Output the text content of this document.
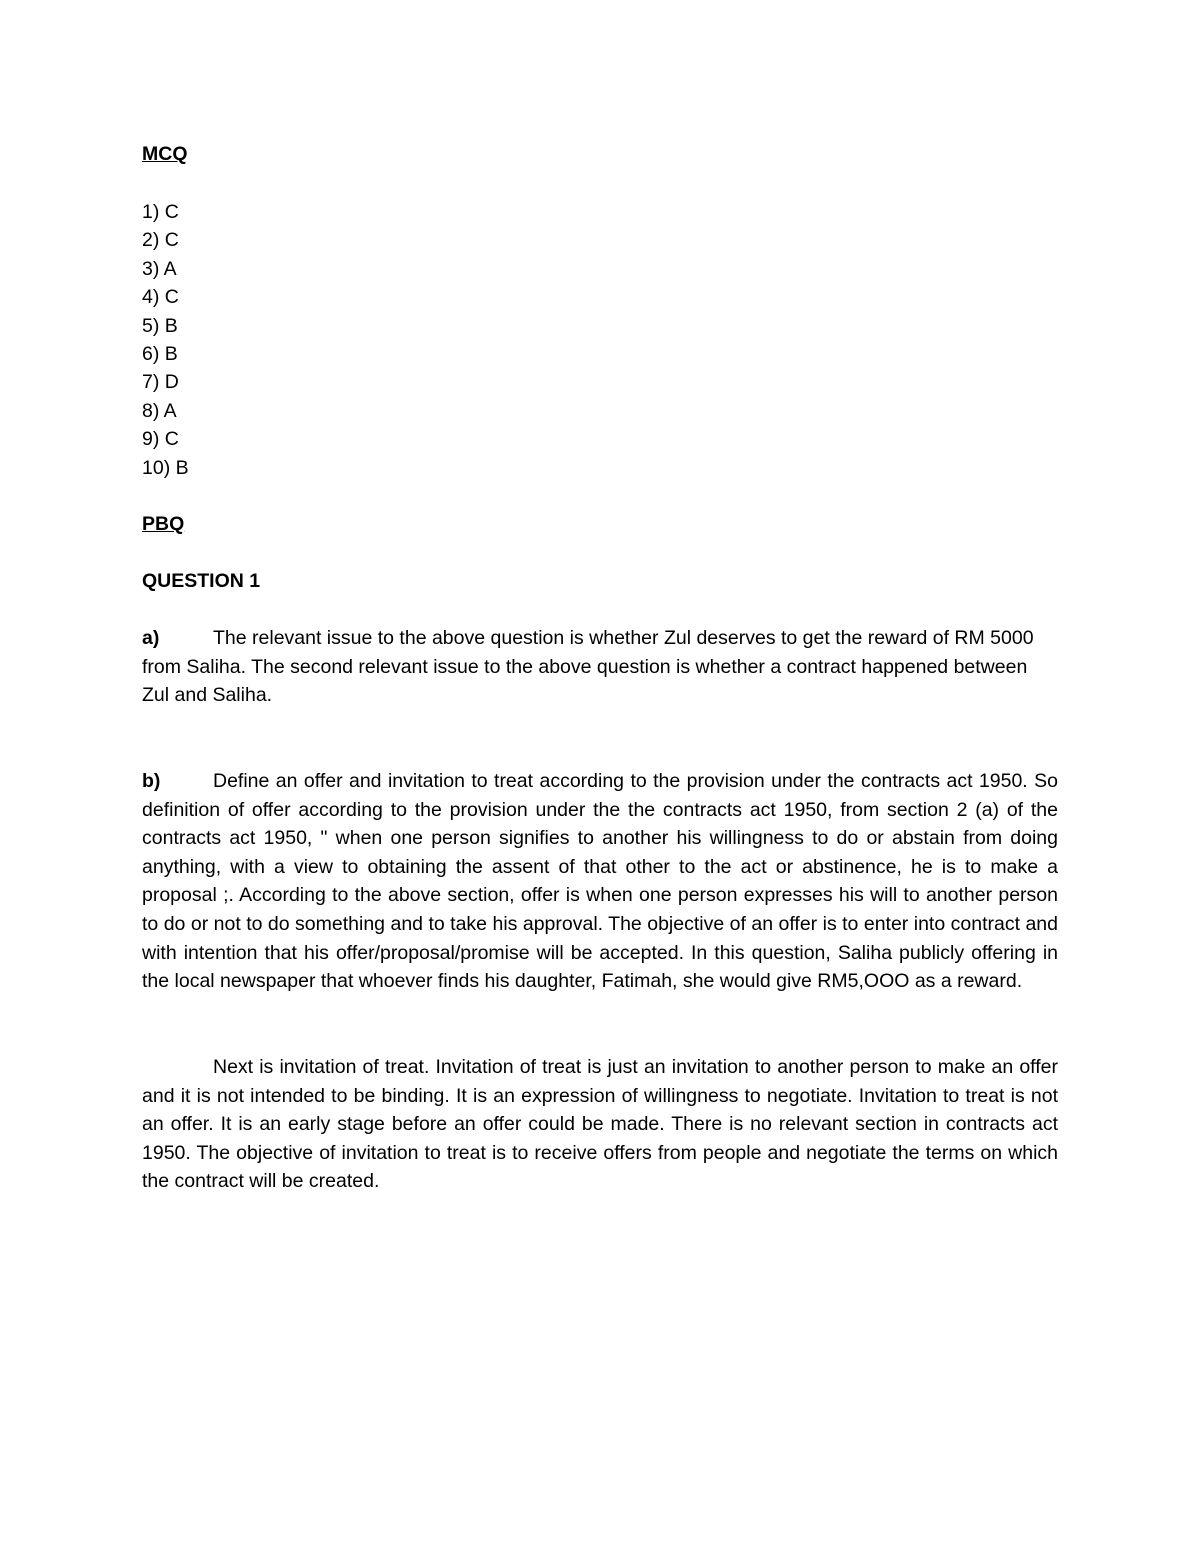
MCQ

1) C
2) C
3) A
4) C
5) B
6) B
7) D
8) A
9) C
10) B

PBQ

QUESTION 1

a)	The relevant issue to the above question is whether Zul deserves to get the reward of RM 5000 from Saliha. The second relevant issue to the above question is whether a contract happened between Zul and Saliha.

b)	Define an offer and invitation to treat according to the provision under the contracts act 1950. So definition of offer according to the provision under the the contracts act 1950, from section 2 (a) of the contracts act 1950, " when one person signifies to another his willingness to do or abstain from doing anything, with a view to obtaining the assent of that other to the act or abstinence, he is to make a proposal ;. According to the above section, offer is when one person expresses his will to another person to do or not to do something and to take his approval. The objective of an offer is to enter into contract and with intention that his offer/proposal/promise will be accepted. In this question, Saliha publicly offering in the local newspaper that whoever finds his daughter, Fatimah, she would give RM5,OOO as a reward.

Next is invitation of treat. Invitation of treat is just an invitation to another person to make an offer and it is not intended to be binding. It is an expression of willingness to negotiate. Invitation to treat is not an offer. It is an early stage before an offer could be made. There is no relevant section in contracts act 1950. The objective of invitation to treat is to receive offers from people and negotiate the terms on which the contract will be created.
